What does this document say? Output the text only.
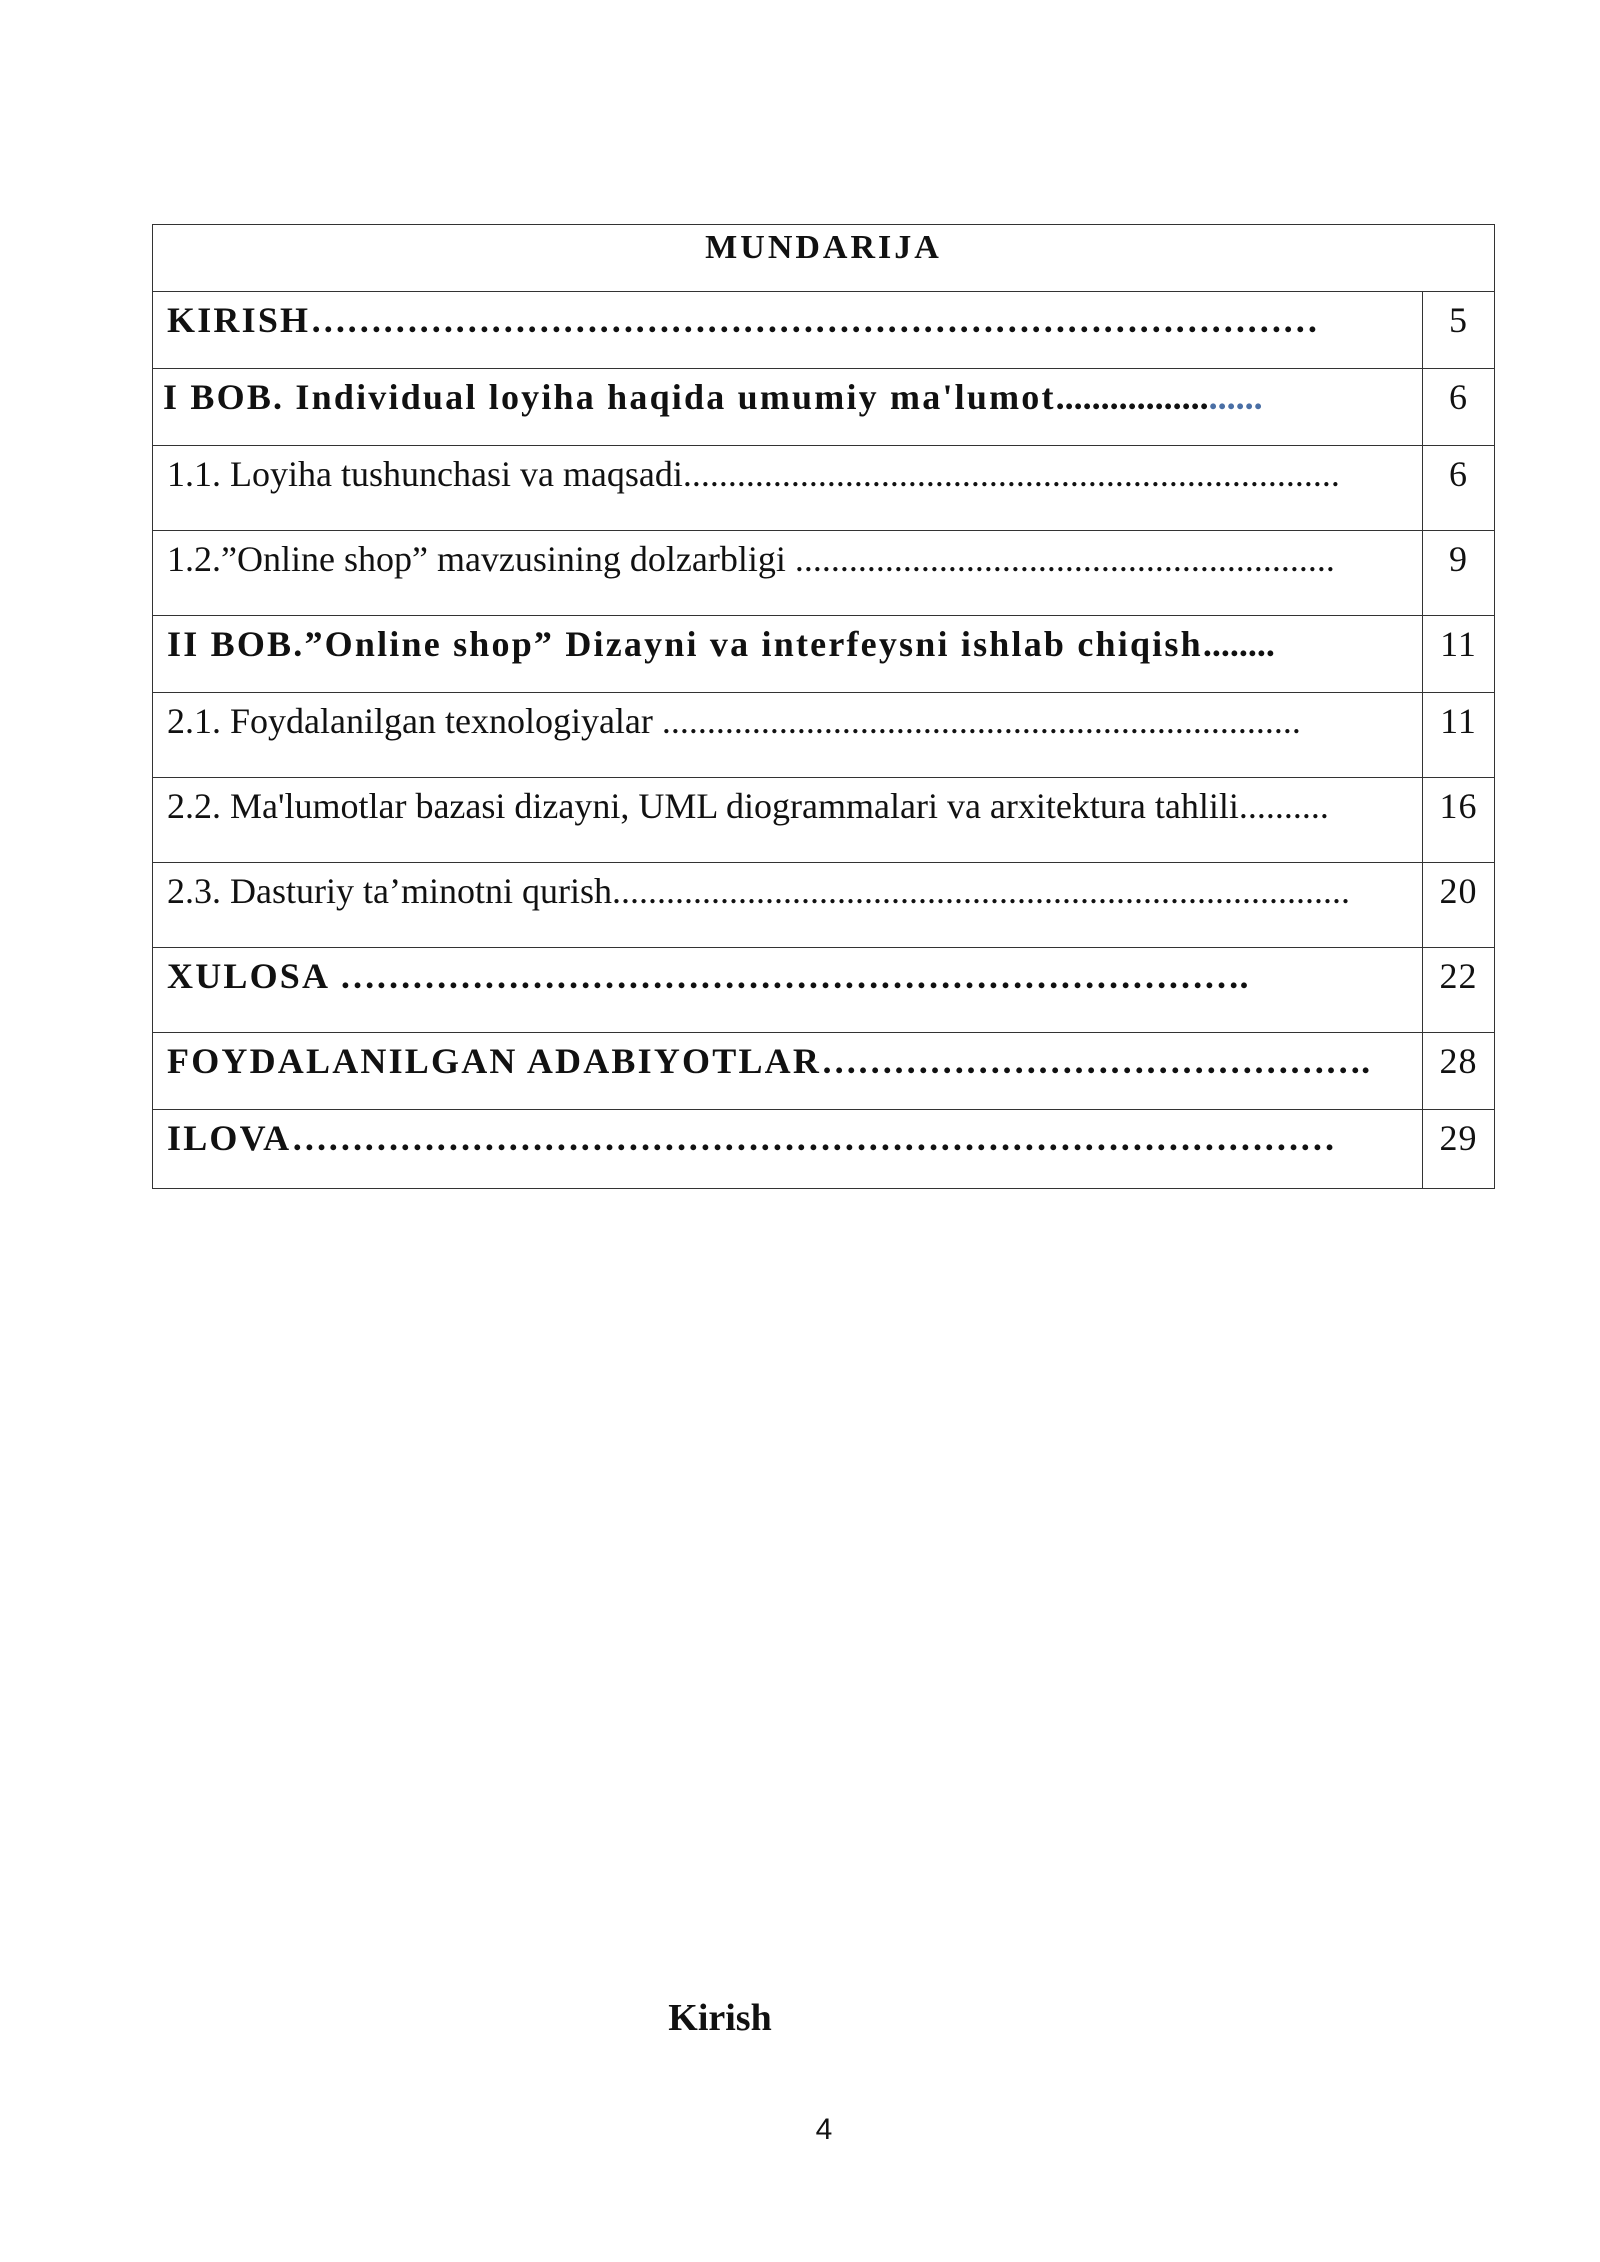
MUNDARIJA	
KIRISH…………………………………………………………………………	5
I BOB. Individual loyiha haqida umumiy ma'lumot.......................	6
1.1. Loyiha tushunchasi va maqsadi.........................................................................	6
1.2.”Online shop” mavzusining dolzarbligi ............................................................	9
II BOB.”Online shop” Dizayni va interfeysni ishlab chiqish........	11
2.1. Foydalanilgan texnologiyalar .......................................................................	11
2.2. Ma'lumotlar bazasi dizayni, UML diogrammalari va arxitektura tahlili..........	16
2.3. Dasturiy ta’minotni qurish..................................................................................	20
XULOSA ………………………………………………………………….	22
FOYDALANILGAN ADABIYOTLAR……………………………………….	28
ILOVA……………………………………………………………………………	29
Kirish
4
